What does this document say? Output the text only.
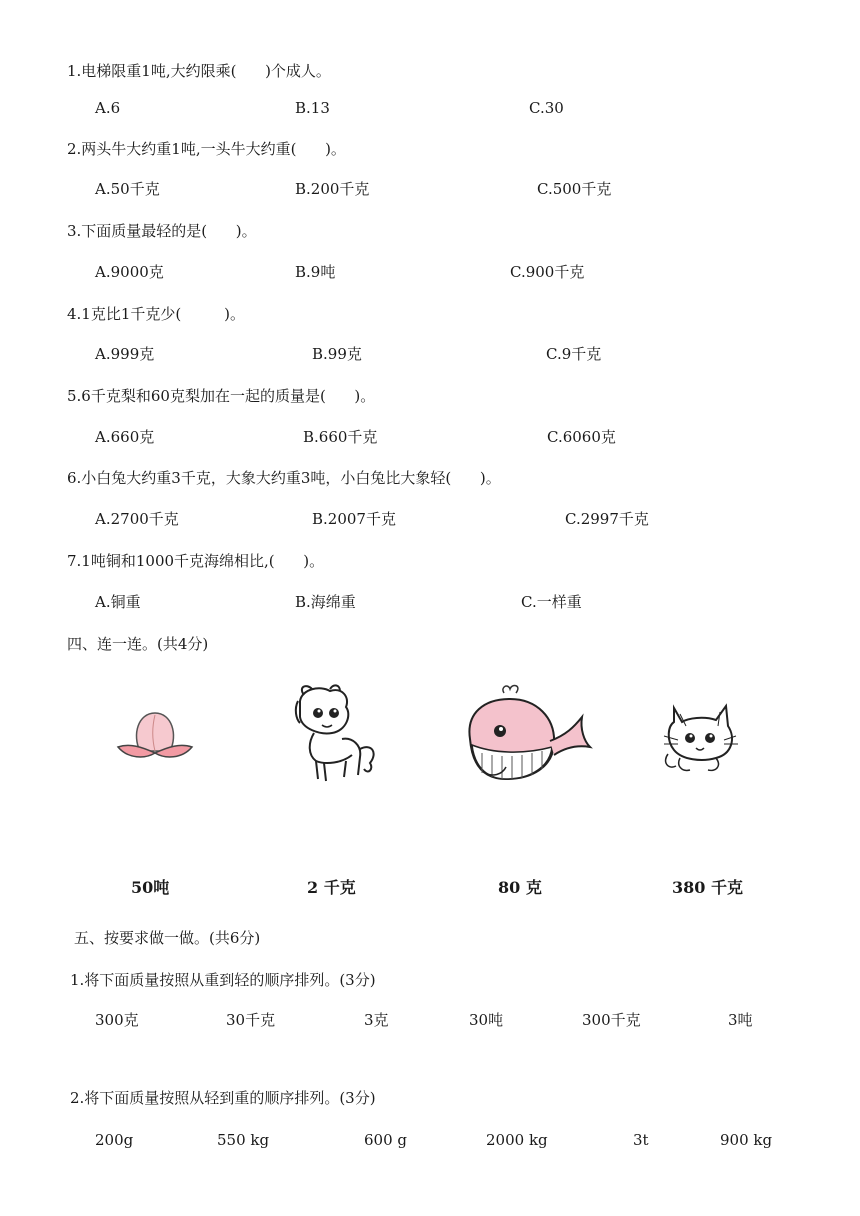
1.电梯限重1吨,大约限乘(      )个成人。
A.6	B.13	C.30
2.两头牛大约重1吨,一头牛大约重(      )。
A.50千克	B.200千克	C.500千克
3.下面质量最轻的是(      )。
A.9000克	B.9吨	C.900千克
4.1克比1千克少(         )。
A.999克	B.99克	C.9千克
5.6千克梨和60克梨加在一起的质量是(      )。
A.660克	B.660千克	C.6060克
6.小白兔大约重3千克，大象大约重3吨，小白兔比大象轻(      )。
A.2700千克	B.2007千克	C.2997千克
7.1吨铜和1000千克海绵相比,(      )。
A.铜重	B.海绵重	C.一样重
四、连一连。(共4分)
50吨	2 千克	80 克	380 千克
五、按要求做一做。(共6分)
1.将下面质量按照从重到轻的顺序排列。(3分)
300克	30千克	3克	30吨	300千克	3吨
2.将下面质量按照从轻到重的顺序排列。(3分)
200g	550 kg	600 g	2000 kg	3t	900 kg
